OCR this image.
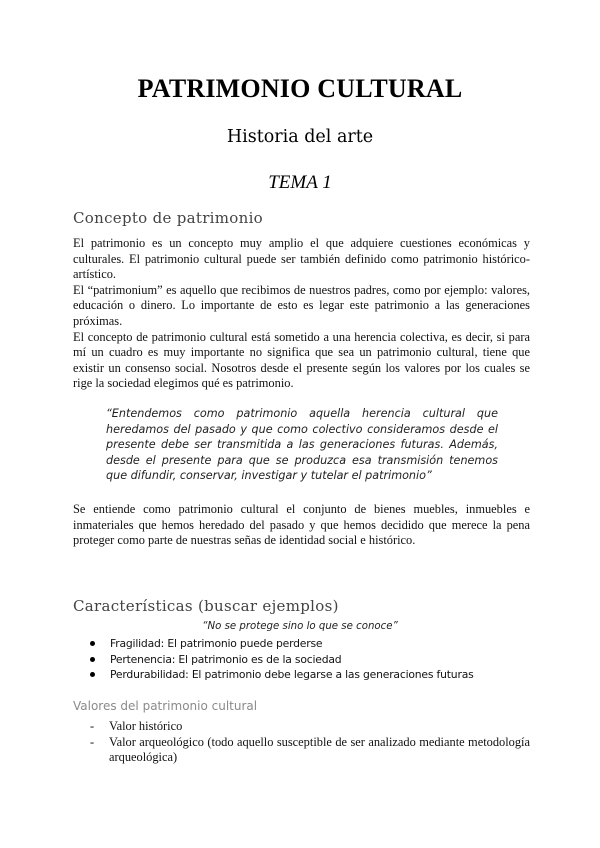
PATRIMONIO CULTURAL
Historia del arte
TEMA 1
Concepto de patrimonio

El patrimonio es un concepto muy amplio el que adquiere cuestiones económicas y culturales. El patrimonio cultural puede ser también definido como patrimonio histórico-artístico.

El “patrimonium” es aquello que recibimos de nuestros padres, como por ejemplo: valores, educación o dinero. Lo importante de esto es legar este patrimonio a las generaciones próximas.

El concepto de patrimonio cultural está sometido a una herencia colectiva, es decir, si para mí un cuadro es muy importante no significa que sea un patrimonio cultural, tiene que existir un consenso social. Nosotros desde el presente según los valores por los cuales se rige la sociedad elegimos qué es patrimonio.

“Entendemos como patrimonio aquella herencia cultural que heredamos del pasado y que como colectivo consideramos desde el presente debe ser transmitida a las generaciones futuras. Además, desde el presente para que se produzca esa transmisión tenemos que difundir, conservar, investigar y tutelar el patrimonio”

Se entiende como patrimonio cultural el conjunto de bienes muebles, inmuebles e inmateriales que hemos heredado del pasado y que hemos decidido que merece la pena proteger como parte de nuestras señas de identidad social e histórico.

Características (buscar ejemplos)
“No se protege sino lo que se conoce”
Fragilidad: El patrimonio puede perderse
Pertenencia: El patrimonio es de la sociedad
Perdurabilidad: El patrimonio debe legarse a las generaciones futuras
Valores del patrimonio cultural
- Valor histórico
- Valor arqueológico (todo aquello susceptible de ser analizado mediante metodología arqueológica)
